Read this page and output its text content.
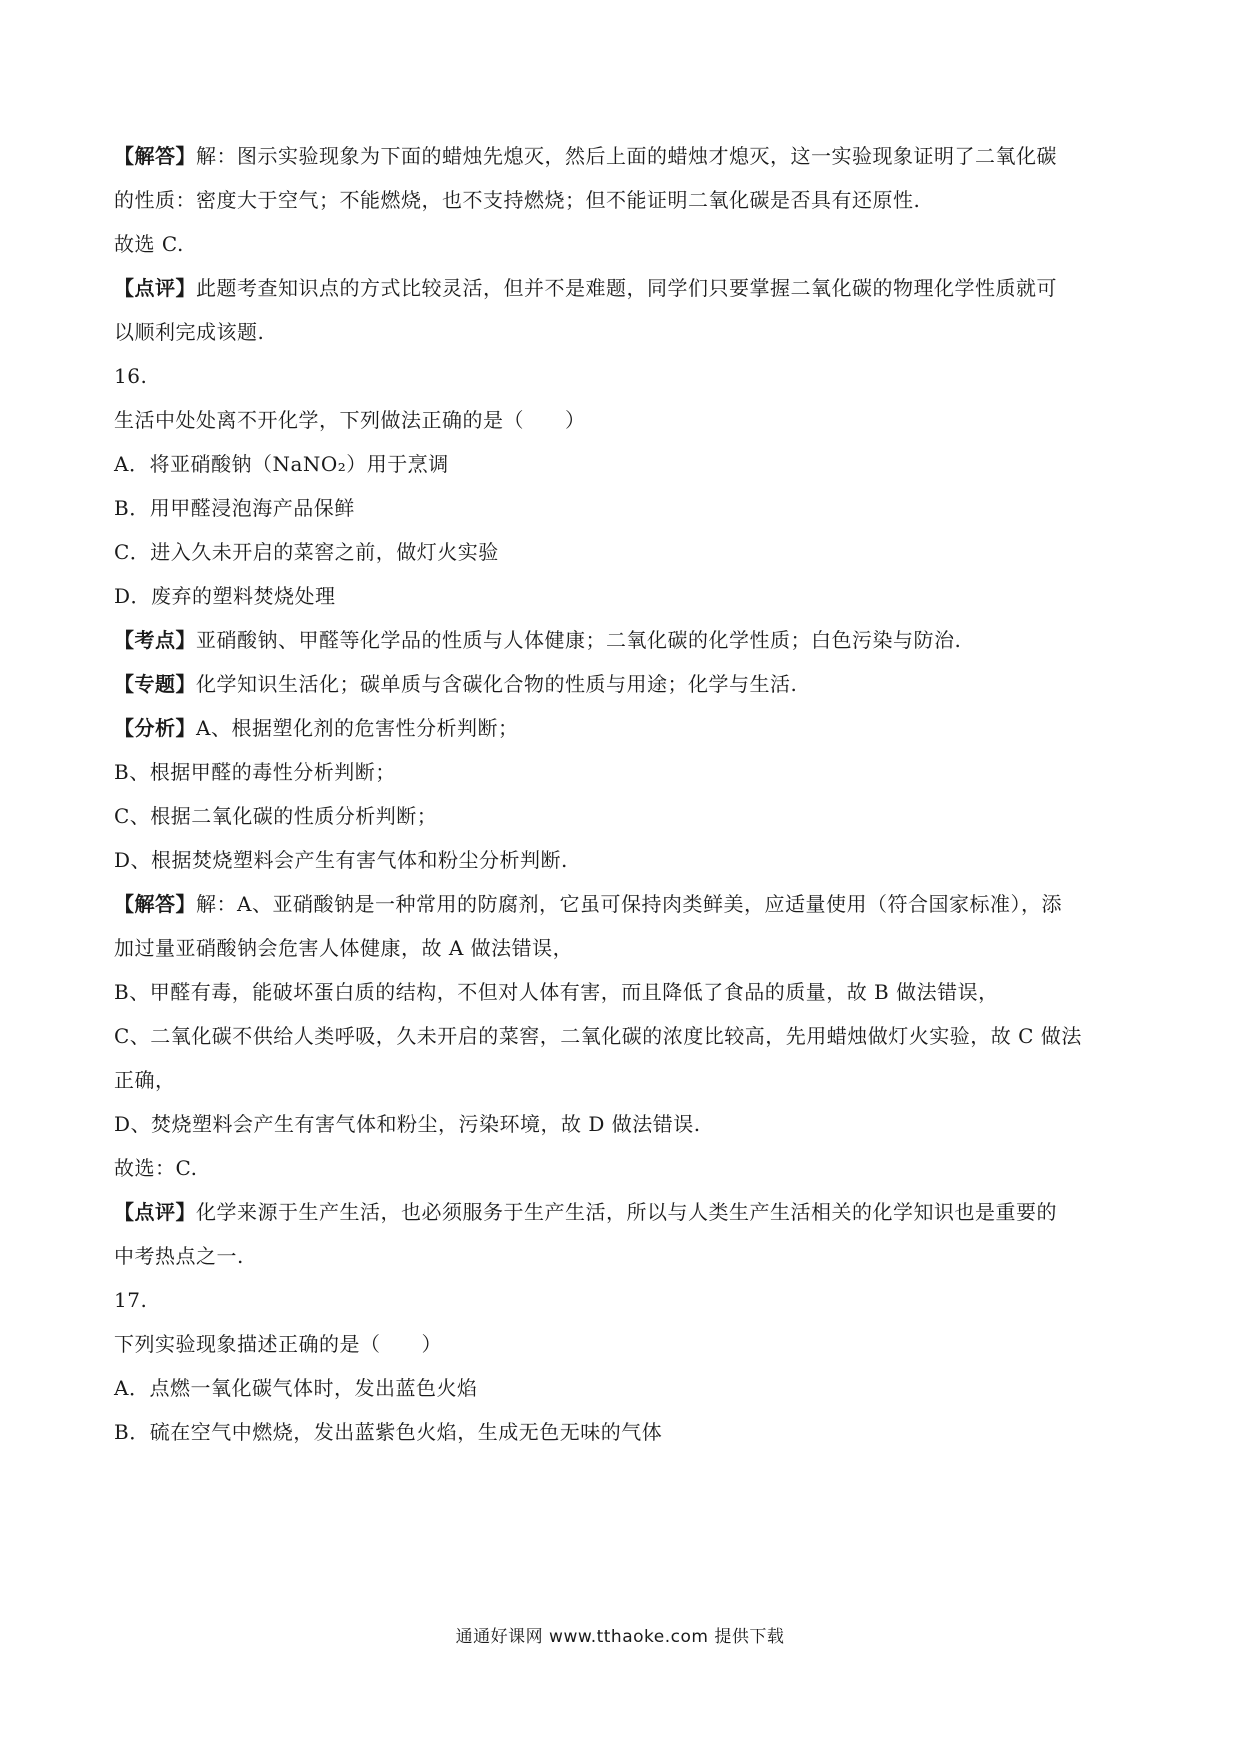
【解答】解：图示实验现象为下面的蜡烛先熄灭，然后上面的蜡烛才熄灭，这一实验现象证明了二氧化碳
的性质：密度大于空气；不能燃烧，也不支持燃烧；但不能证明二氧化碳是否具有还原性.
故选 C.
【点评】此题考查知识点的方式比较灵活，但并不是难题，同学们只要掌握二氧化碳的物理化学性质就可
以顺利完成该题.
16.
生活中处处离不开化学，下列做法正确的是（　　）
A．将亚硝酸钠（NaNO₂）用于烹调
B．用甲醛浸泡海产品保鲜
C．进入久未开启的菜窖之前，做灯火实验
D．废弃的塑料焚烧处理
【考点】亚硝酸钠、甲醛等化学品的性质与人体健康；二氧化碳的化学性质；白色污染与防治.
【专题】化学知识生活化；碳单质与含碳化合物的性质与用途；化学与生活.
【分析】A、根据塑化剂的危害性分析判断；
B、根据甲醛的毒性分析判断；
C、根据二氧化碳的性质分析判断；
D、根据焚烧塑料会产生有害气体和粉尘分析判断.
【解答】解：A、亚硝酸钠是一种常用的防腐剂，它虽可保持肉类鲜美，应适量使用（符合国家标准），添
加过量亚硝酸钠会危害人体健康，故 A 做法错误，
B、甲醛有毒，能破坏蛋白质的结构，不但对人体有害，而且降低了食品的质量，故 B 做法错误，
C、二氧化碳不供给人类呼吸，久未开启的菜窖，二氧化碳的浓度比较高，先用蜡烛做灯火实验，故 C 做法
正确，
D、焚烧塑料会产生有害气体和粉尘，污染环境，故 D 做法错误.
故选：C.
【点评】化学来源于生产生活，也必须服务于生产生活，所以与人类生产生活相关的化学知识也是重要的
中考热点之一.
17.
下列实验现象描述正确的是（　　）
A．点燃一氧化碳气体时，发出蓝色火焰
B．硫在空气中燃烧，发出蓝紫色火焰，生成无色无味的气体
通通好课网 www.tthaoke.com 提供下载
